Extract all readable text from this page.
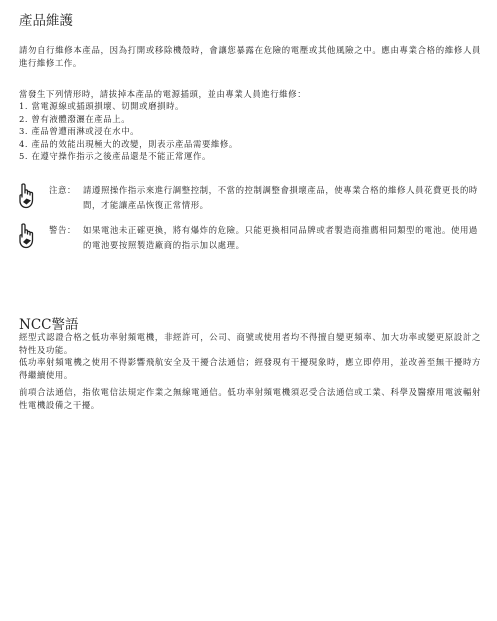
產品維護

請勿自行維修本產品，因為打開或移除機殼時，會讓您暴露在危險的電壓或其他風險之中。應由專業合格的維修人員進行維修工作。

當發生下列情形時，請拔掉本產品的電源插頭，並由專業人員進行維修：

1. 當電源線或插頭損壞、切開或磨損時。
2. 曾有液體潑灑在產品上。
3. 產品曾遭雨淋或浸在水中。
4. 產品的效能出現極大的改變，則表示產品需要維修。
5. 在遵守操作指示之後產品還是不能正常運作。
注意： 請遵照操作指示來進行調整控制，不當的控制調整會損壞產品，使專業合格的維修人員花費更長的時間，才能讓產品恢復正常情形。
警告： 如果電池未正確更換，將有爆炸的危險。只能更換相同品牌或者製造商推薦相同類型的電池。使用過的電池要按照製造廠商的指示加以處理。
NCC警語

經型式認證合格之低功率射頻電機，非經許可，公司、商號或使用者均不得擅自變更頻率、加大功率或變更原設計之特性及功能。

低功率射頻電機之使用不得影響飛航安全及干擾合法通信；經發現有干擾現象時，應立即停用，並改善至無干擾時方得繼續使用。

前項合法通信，指依電信法規定作業之無線電通信。低功率射頻電機須忍受合法通信或工業、科學及醫療用電波輻射性電機設備之干擾。
